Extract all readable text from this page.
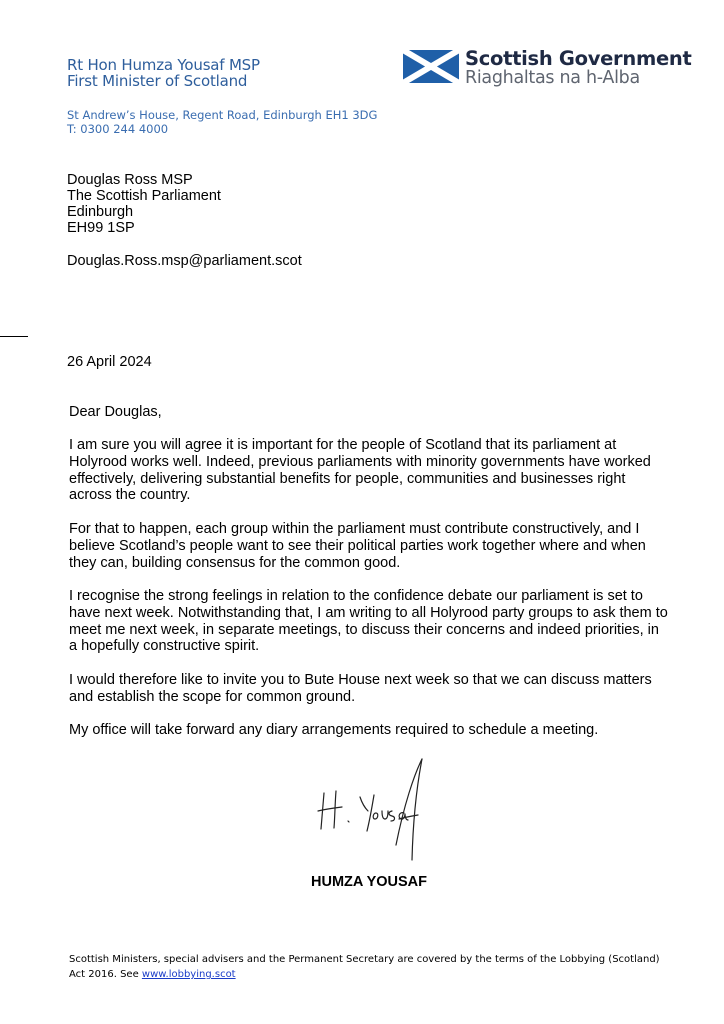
Rt Hon Humza Yousaf MSP
First Minister of Scotland
St Andrew’s House, Regent Road, Edinburgh EH1 3DG
T: 0300 244 4000
Scottish Government
Riaghaltas na h-Alba
Douglas Ross MSP
The Scottish Parliament
Edinburgh
EH99 1SP
Douglas.Ross.msp@parliament.scot
26 April 2024
Dear Douglas,
I am sure you will agree it is important for the people of Scotland that its parliament at Holyrood works well. Indeed, previous parliaments with minority governments have worked effectively, delivering substantial benefits for people, communities and businesses right across the country.
For that to happen, each group within the parliament must contribute constructively, and I believe Scotland’s people want to see their political parties work together where and when they can, building consensus for the common good.
I recognise the strong feelings in relation to the confidence debate our parliament is set to have next week. Notwithstanding that, I am writing to all Holyrood party groups to ask them to meet me next week, in separate meetings, to discuss their concerns and indeed priorities, in a hopefully constructive spirit.
I would therefore like to invite you to Bute House next week so that we can discuss matters and establish the scope for common ground.
My office will take forward any diary arrangements required to schedule a meeting.
HUMZA YOUSAF
Scottish Ministers, special advisers and the Permanent Secretary are covered by the terms of the Lobbying (Scotland) Act 2016. See www.lobbying.scot
